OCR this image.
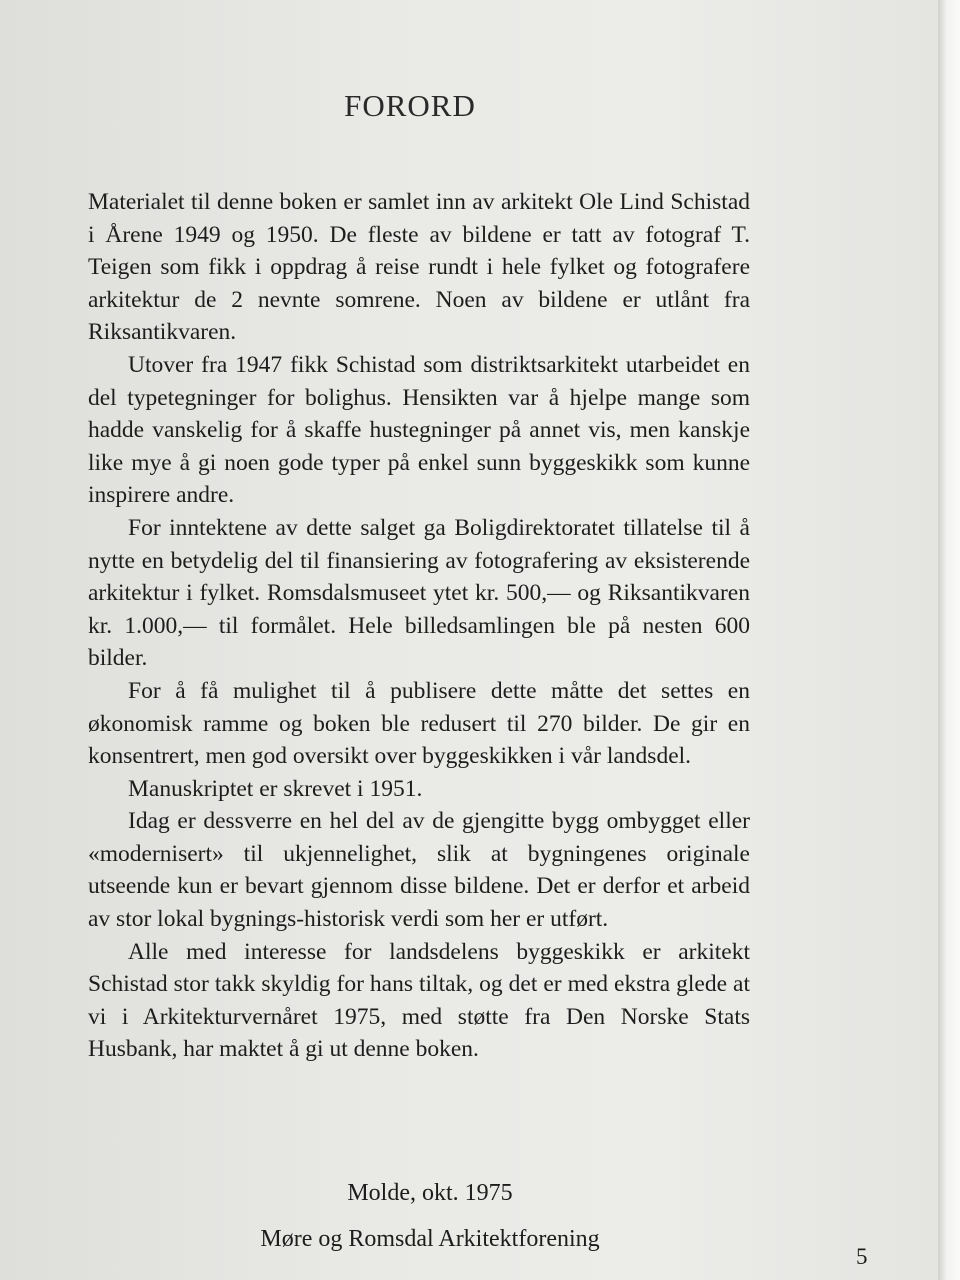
FORORD

Materialet til denne boken er samlet inn av arkitekt Ole Lind Schistad i Årene 1949 og 1950. De fleste av bildene er tatt av fotograf T. Teigen som fikk i oppdrag å reise rundt i hele fylket og fotografere arkitektur de 2 nevnte somrene. Noen av bildene er utlånt fra Riksantikvaren.

Utover fra 1947 fikk Schistad som distriktsarkitekt utarbeidet en del typetegninger for bolighus. Hensikten var å hjelpe mange som hadde vanskelig for å skaffe hustegninger på annet vis, men kanskje like mye å gi noen gode typer på enkel sunn byggeskikk som kunne inspirere andre.

For inntektene av dette salget ga Boligdirektoratet tillatelse til å nytte en betydelig del til finansiering av fotografering av eksisterende arkitektur i fylket. Romsdalsmuseet ytet kr. 500,— og Riksantikvaren kr. 1.000,— til formålet. Hele billedsamlingen ble på nesten 600 bilder.

For å få mulighet til å publisere dette måtte det settes en økonomisk ramme og boken ble redusert til 270 bilder. De gir en konsentrert, men god oversikt over byggeskikken i vår landsdel.

Manuskriptet er skrevet i 1951.

Idag er dessverre en hel del av de gjengitte bygg ombygget eller «modernisert» til ukjennelighet, slik at bygningenes originale utseende kun er bevart gjennom disse bildene. Det er derfor et arbeid av stor lokal bygnings-historisk verdi som her er utført.

Alle med interesse for landsdelens byggeskikk er arkitekt Schistad stor takk skyldig for hans tiltak, og det er med ekstra glede at vi i Arkitekturvernåret 1975, med støtte fra Den Norske Stats Husbank, har maktet å gi ut denne boken.

Molde, okt. 1975
Møre og Romsdal Arkitektforening
5
